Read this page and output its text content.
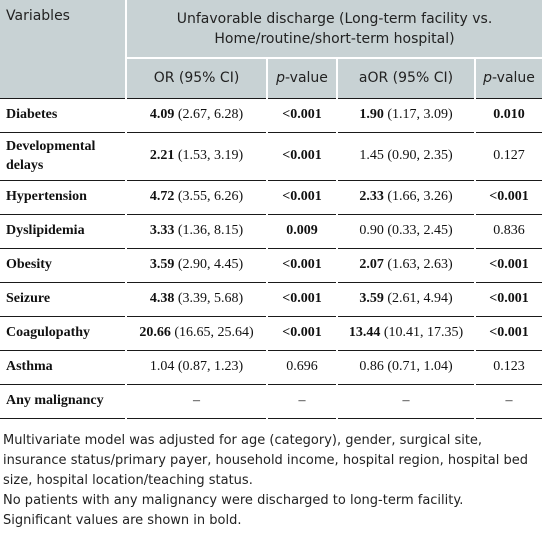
Variables	Unfavorable discharge (Long-term facility vs. Home/routine/short-term hospital)			
	OR (95% CI)	p-value	aOR (95% CI)	p-value
Diabetes	4.09 (2.67, 6.28)	<0.001	1.90 (1.17, 3.09)	0.010
Developmental delays	2.21 (1.53, 3.19)	<0.001	1.45 (0.90, 2.35)	0.127
Hypertension	4.72 (3.55, 6.26)	<0.001	2.33 (1.66, 3.26)	<0.001
Dyslipidemia	3.33 (1.36, 8.15)	0.009	0.90 (0.33, 2.45)	0.836
Obesity	3.59 (2.90, 4.45)	<0.001	2.07 (1.63, 2.63)	<0.001
Seizure	4.38 (3.39, 5.68)	<0.001	3.59 (2.61, 4.94)	<0.001
Coagulopathy	20.66 (16.65, 25.64)	<0.001	13.44 (10.41, 17.35)	<0.001
Asthma	1.04 (0.87, 1.23)	0.696	0.86 (0.71, 1.04)	0.123
Any malignancy	–	–	–	–

Multivariate model was adjusted for age (category), gender, surgical site, insurance status/primary payer, household income, hospital region, hospital bed size, hospital location/teaching status.

No patients with any malignancy were discharged to long-term facility.

Significant values are shown in bold.
